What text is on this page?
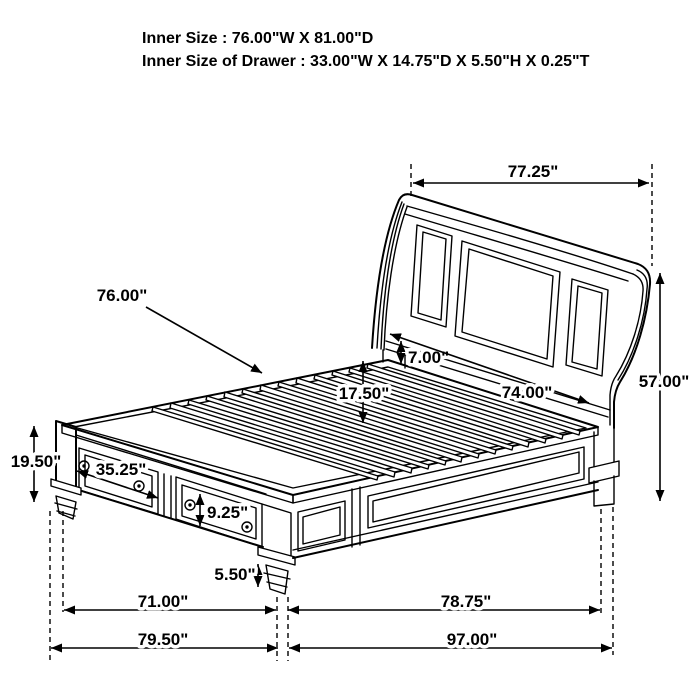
Inner Size : 76.00"W X 81.00"D
Inner Size of Drawer : 33.00"W X 14.75"D X 5.50"H X 0.25"T
77.25"
57.00"
76.00"
7.00"
17.50"	74.00"
19.50" 35.25"
9.25"
5.50"
71.00"	78.75"
79.50"	97.00"
